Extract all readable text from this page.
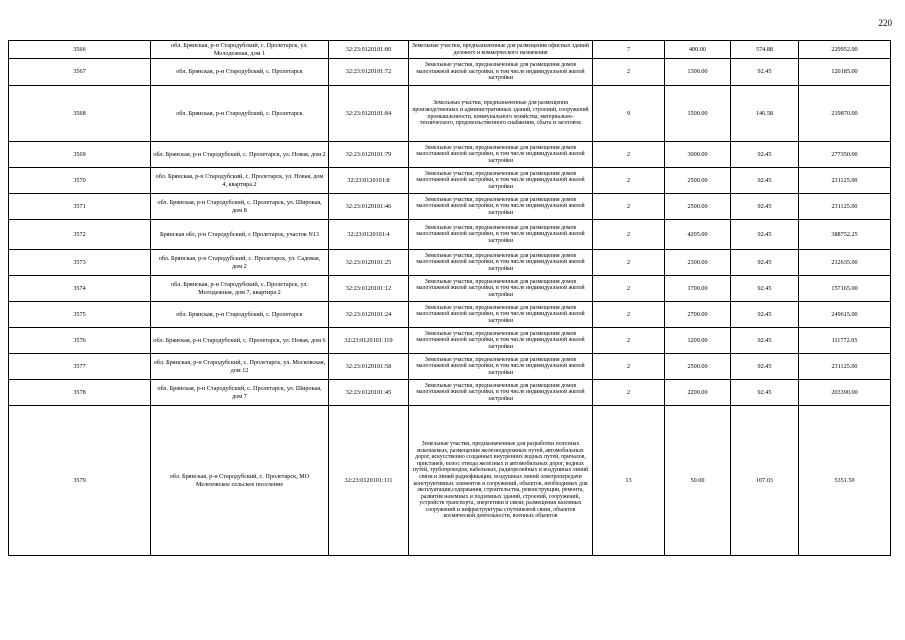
220
3566	обл. Брянская, р-н Стародубский, с. Пролетарск, ул. Молодежная, дом 1	32:23:0120101:80	Земельные участки, предназначенные для размещения офисных зданий делового и коммерческого назначения	7	400.00	574.88	229952.00
3567	обл. Брянская, р-н Стародубский, с. Пролетарск	32:23:0120101:72	Земельные участки, предназначенные для размещения домов малоэтажной жилой застройки, в том числе индивидуальной жилой застройки	2	1300.00	92.45	120185.00
3568	обл. Брянская, р-н Стародубский, с. Пролетарск	32:23:0120101:84	Земельные участки, предназначенные для размещения производственных и административных зданий, строений, сооружений промышленности, коммунального хозяйства, материально-технического, продовольственного снабжения, сбыта и заготовок	9	1500.00	146.58	219870.00
3569	обл. Брянская, р-н Стародубский, с. Пролетарск, ул. Новая, дом 2	32:23:0120101:79	Земельные участки, предназначенные для размещения домов малоэтажной жилой застройки, в том числе индивидуальной жилой застройки	2	3000.00	92.45	277350.00
3570	обл. Брянская, р-н Стародубский, с. Пролетарск, ул. Новая, дом 4, квартира 2	32:23:0120101:8	Земельные участки, предназначенные для размещения домов малоэтажной жилой застройки, в том числе индивидуальной жилой застройки	2	2500.00	92.45	231125.00
3571	обл. Брянская, р-н Стародубский, с. Пролетарск, ул. Широкая, дом 8	32:23:0120101:46	Земельные участки, предназначенные для размещения домов малоэтажной жилой застройки, в том числе индивидуальной жилой застройки	2	2500.00	92.45	231125.00
3572	Брянская обл, р-н Стародубский, с Пролетарск, участок N13	32:23:0120101:4	Земельные участки, предназначенные для размещения домов малоэтажной жилой застройки, в том числе индивидуальной жилой застройки	2	4205.00	92.45	388752.25
3573	обл. Брянская, р-н Стародубский, с. Пролетарск, ул. Садовая, дом 2	32:23:0120101:25	Земельные участки, предназначенные для размещения домов малоэтажной жилой застройки, в том числе индивидуальной жилой застройки	2	2300.00	92.45	212635.00
3574	обл. Брянская, р-н Стародубский, с. Пролетарск, ул. Молодежная, дом 7, квартира 2	32:23:0120101:12	Земельные участки, предназначенные для размещения домов малоэтажной жилой застройки, в том числе индивидуальной жилой застройки	2	1700.00	92.45	157165.00
3575	обл. Брянская, р-н Стародубский, с. Пролетарск	32:23:0120101:24	Земельные участки, предназначенные для размещения домов малоэтажной жилой застройки, в том числе индивидуальной жилой застройки	2	2700.00	92.45	249615.00
3576	обл. Брянская, р-н Стародубский, с. Пролетарск, ул. Новая, дом 6	32:23:0120101:119	Земельные участки, предназначенные для размещения домов малоэтажной жилой застройки, в том числе индивидуальной жилой застройки	2	1209.00	92.45	111772.05
3577	обл. Брянская, р-н Стародубский, с. Пролетарск, ул. Московская, дом 12	32:23:0120101:58	Земельные участки, предназначенные для размещения домов малоэтажной жилой застройки, в том числе индивидуальной жилой застройки	2	2500.00	92.45	231125.00
3578	обл. Брянская, р-н Стародубский, с. Пролетарск, ул. Широкая, дом 7	32:23:0120101:45	Земельные участки, предназначенные для размещения домов малоэтажной жилой застройки, в том числе индивидуальной жилой застройки	2	2200.00	92.45	203390.00
3579	обл. Брянская, р-н Стародубский, с. Пролетарск, МО Мелеховское сельское поселение	32:23:0120101:111	Земельные участки, предназначенные для разработки полезных ископаемых, размещения железнодорожных путей, автомобильных дорог, искусственно созданных внутренних водных путей, причалов, пристаней, полос отвода железных и автомобильных дорог, водных путей, трубопроводов, кабельных, радиорелейных и воздушных линий связи и линий радиофикации, воздушных линий электропередачи конструктивных элементов и сооружений, объектов, необходимых для эксплуатации,содержания, строительства, реконструкции, ремонта, развития наземных и подземных зданий, строений, сооружений, устройств транспорта, энергетики и связи; размещения наземных сооружений и инфраструктуры спутниковой связи, объектов космической деятельности, военных объектов	13	50.00	107.03	5351.50
